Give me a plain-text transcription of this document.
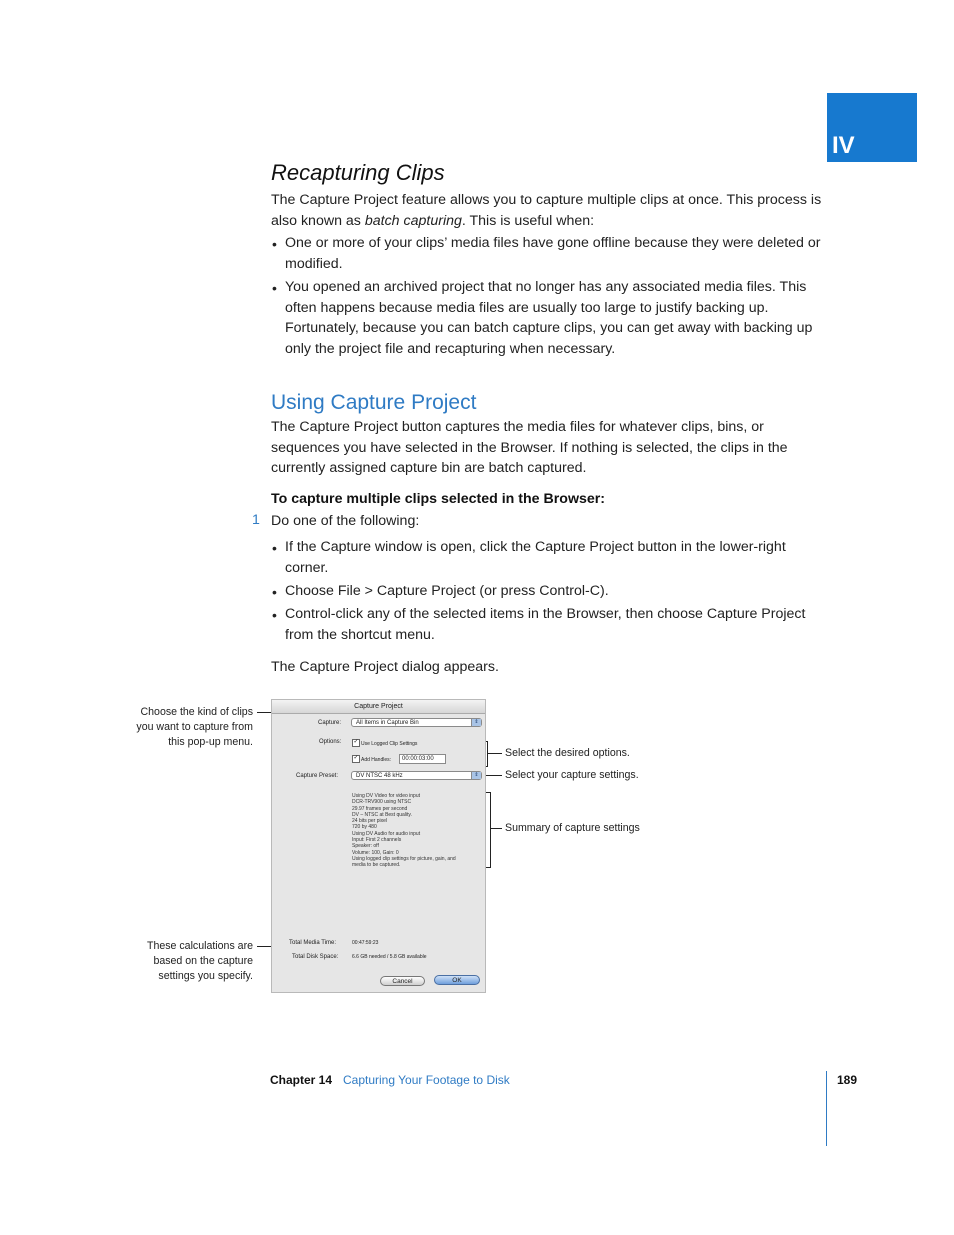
IV
Recapturing Clips
The Capture Project feature allows you to capture multiple clips at once. This process is
also known as batch capturing. This is useful when:
• One or more of your clips’ media files have gone offline because they were deleted or modified.
• You opened an archived project that no longer has any associated media files. This often happens because media files are usually too large to justify backing up. Fortunately, because you can batch capture clips, you can get away with backing up only the project file and recapturing when necessary.
Using Capture Project
The Capture Project button captures the media files for whatever clips, bins, or sequences you have selected in the Browser. If nothing is selected, the clips in the currently assigned capture bin are batch captured.
To capture multiple clips selected in the Browser:
1 Do one of the following:
• If the Capture window is open, click the Capture Project button in the lower-right corner.
• Choose File > Capture Project (or press Control-C).
• Control-click any of the selected items in the Browser, then choose Capture Project from the shortcut menu.
The Capture Project dialog appears.
Choose the kind of clips
you want to capture from
this pop-up menu.
These calculations are
based on the capture
settings you specify.
Select the desired options.
Select your capture settings.
Summary of capture settings
Capture Project
Capture:	All Items in Capture Bin	⇕
Options: ✓ Use Logged Clip Settings
✓ Add Handles:	00:00:03:00
Capture Preset:	DV NTSC 48 kHz	⇕
Using DV Video for video input
DCR-TRV900 using NTSC
29.97 frames per second
DV – NTSC at Best quality.
24 bits per pixel
720 by 480
Using DV Audio for audio input
Input: First 2 channels
Speaker: off
Volume: 100, Gain: 0
Using logged clip settings for picture, gain, and
media to be captured.
Total Media Time:	00:47:59:23
Total Disk Space:	6.6 GB needed / 5.8 GB available
Cancel	OK
Chapter 14 Capturing Your Footage to Disk	189
